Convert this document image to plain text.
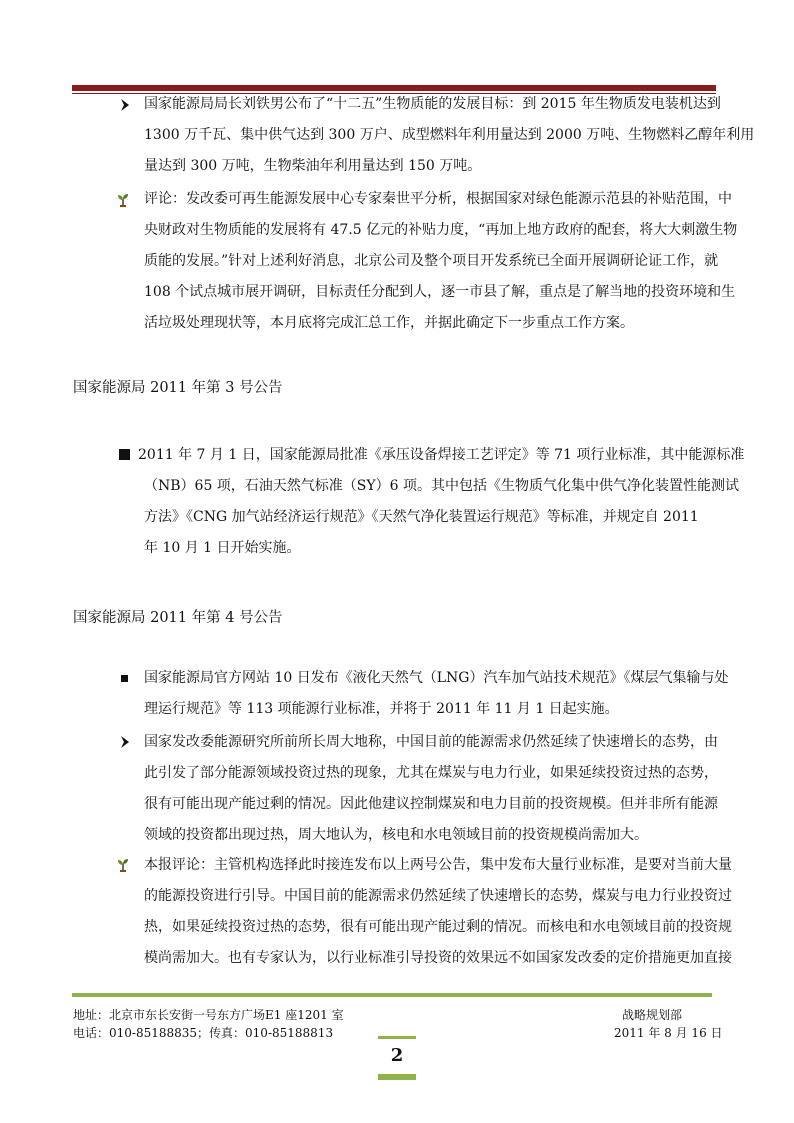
国家能源局局长刘铁男公布了“十二五”生物质能的发展目标：到 2015 年生物质发电装机达到
1300 万千瓦、集中供气达到 300 万户、成型燃料年利用量达到 2000 万吨、生物燃料乙醇年利用
量达到 300 万吨，生物柴油年利用量达到 150 万吨。
评论：发改委可再生能源发展中心专家秦世平分析，根据国家对绿色能源示范县的补贴范围，中
央财政对生物质能的发展将有 47.5 亿元的补贴力度，“再加上地方政府的配套，将大大刺激生物
质能的发展。”针对上述利好消息，北京公司及整个项目开发系统已全面开展调研论证工作，就
108 个试点城市展开调研，目标责任分配到人，逐一市县了解，重点是了解当地的投资环境和生
活垃圾处理现状等，本月底将完成汇总工作，并据此确定下一步重点工作方案。
国家能源局 2011 年第 3 号公告
2011 年 7 月 1 日，国家能源局批准《承压设备焊接工艺评定》等 71 项行业标准，其中能源标准
（NB）65 项，石油天然气标准（SY）6 项。其中包括《生物质气化集中供气净化装置性能测试
方法》《CNG 加气站经济运行规范》《天然气净化装置运行规范》等标准，并规定自 2011
年 10 月 1 日开始实施。
国家能源局 2011 年第 4 号公告
国家能源局官方网站 10 日发布《液化天然气（LNG）汽车加气站技术规范》《煤层气集输与处
理运行规范》等 113 项能源行业标准，并将于 2011 年 11 月 1 日起实施。
国家发改委能源研究所前所长周大地称，中国目前的能源需求仍然延续了快速增长的态势，由
此引发了部分能源领域投资过热的现象，尤其在煤炭与电力行业，如果延续投资过热的态势，
很有可能出现产能过剩的情况。因此他建议控制煤炭和电力目前的投资规模。但并非所有能源
领域的投资都出现过热，周大地认为，核电和水电领域目前的投资规模尚需加大。
本报评论：主管机构选择此时接连发布以上两号公告，集中发布大量行业标准，是要对当前大量
的能源投资进行引导。中国目前的能源需求仍然延续了快速增长的态势，煤炭与电力行业投资过
热，如果延续投资过热的态势，很有可能出现产能过剩的情况。而核电和水电领域目前的投资规
模尚需加大。也有专家认为，以行业标准引导投资的效果远不如国家发改委的定价措施更加直接
地址：北京市东长安街一号东方广场E1 座1201 室
电话：010-85188835；传真：010-85188813
战略规划部
2011 年 8 月 16 日
2
